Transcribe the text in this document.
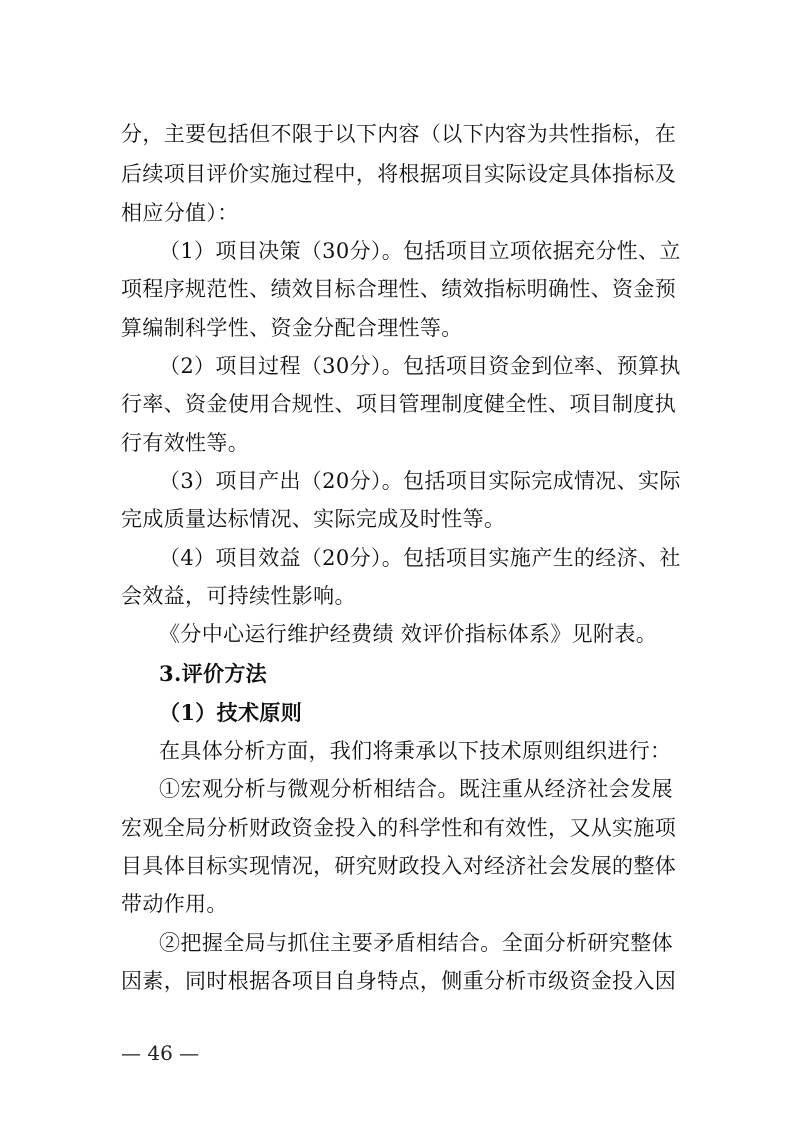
分，主要包括但不限于以下内容（以下内容为共性指标，在
后续项目评价实施过程中，将根据项目实际设定具体指标及
相应分值）：
（1）项目决策（30分）。包括项目立项依据充分性、立
项程序规范性、绩效目标合理性、绩效指标明确性、资金预
算编制科学性、资金分配合理性等。
（2）项目过程（30分）。包括项目资金到位率、预算执
行率、资金使用合规性、项目管理制度健全性、项目制度执
行有效性等。
（3）项目产出（20分）。包括项目实际完成情况、实际
完成质量达标情况、实际完成及时性等。
（4）项目效益（20分）。包括项目实施产生的经济、社
会效益，可持续性影响。
《分中心运行维护经费绩 效评价指标体系》见附表。
3.评价方法
（1）技术原则
在具体分析方面，我们将秉承以下技术原则组织进行：
①宏观分析与微观分析相结合。既注重从经济社会发展
宏观全局分析财政资金投入的科学性和有效性，又从实施项
目具体目标实现情况，研究财政投入对经济社会发展的整体
带动作用。
②把握全局与抓住主要矛盾相结合。全面分析研究整体
因素，同时根据各项目自身特点，侧重分析市级资金投入因
— 46 —
